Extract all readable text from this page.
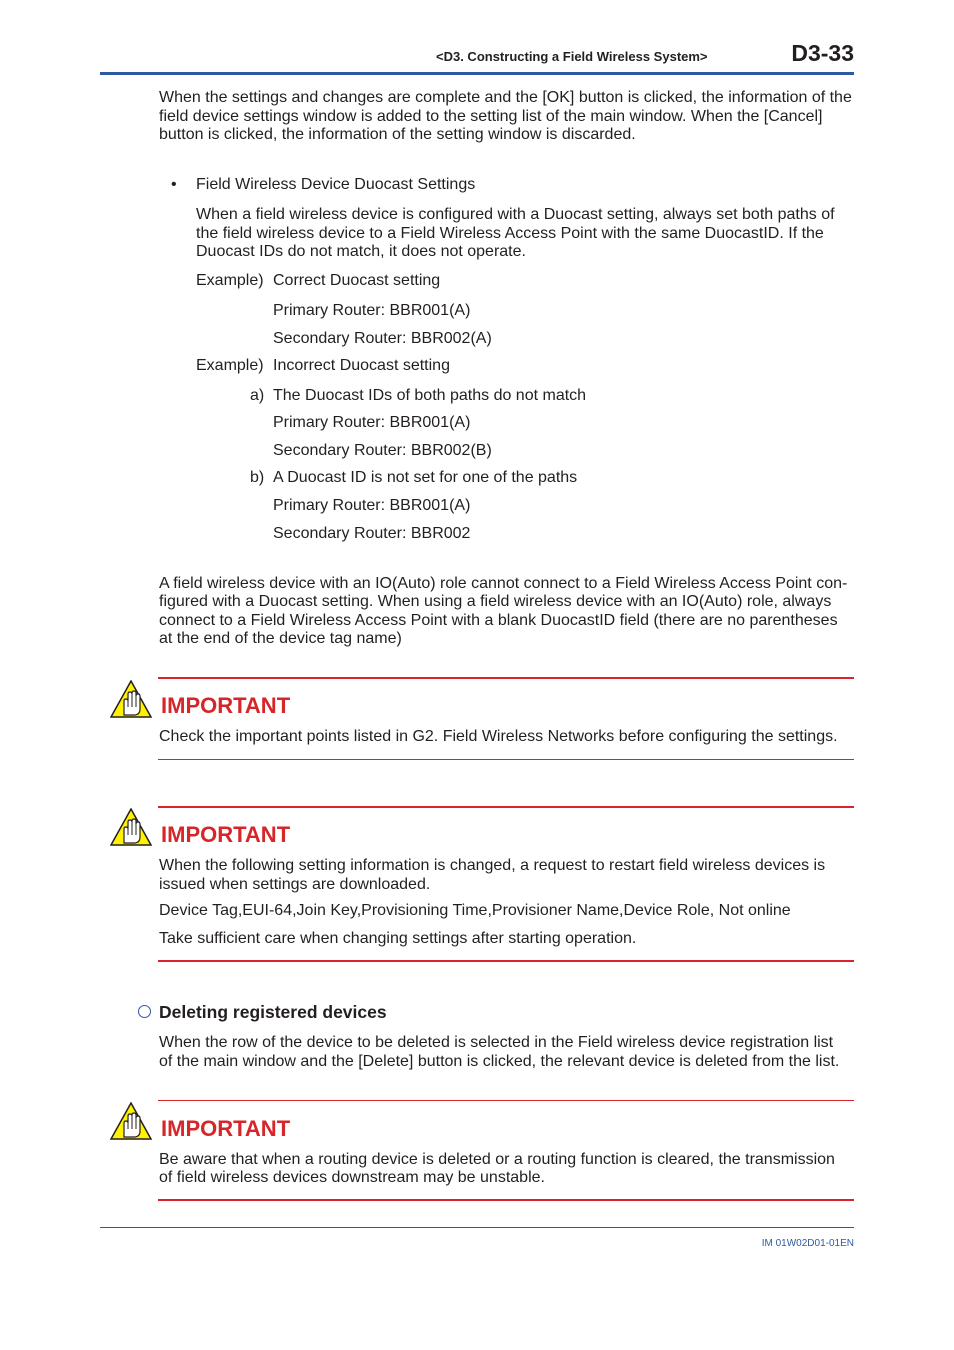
<D3. Constructing a Field Wireless System>	D3-33
When the settings and changes are complete and the [OK] button is clicked, the information of the field device settings window is added to the setting list of the main window. When the [Cancel] button is clicked, the information of the setting window is discarded.
• Field Wireless Device Duocast Settings
When a field wireless device is configured with a Duocast setting, always set both paths of the field wireless device to a Field Wireless Access Point with the same DuocastID. If the Duocast IDs do not match, it does not operate.
Example) Correct Duocast setting
Primary Router: BBR001(A)
Secondary Router: BBR002(A)
Example) Incorrect Duocast setting
a) The Duocast IDs of both paths do not match
Primary Router: BBR001(A)
Secondary Router: BBR002(B)
b) A Duocast ID is not set for one of the paths
Primary Router: BBR001(A)
Secondary Router: BBR002
A field wireless device with an IO(Auto) role cannot connect to a Field Wireless Access Point con-
figured with a Duocast setting. When using a field wireless device with an IO(Auto) role, always
connect to a Field Wireless Access Point with a blank DuocastID field (there are no parentheses
at the end of the device tag name)
IMPORTANT
Check the important points listed in G2. Field Wireless Networks before configuring the settings.
IMPORTANT
When the following setting information is changed, a request to restart field wireless devices is
issued when settings are downloaded.
Device Tag,EUI-64,Join Key,Provisioning Time,Provisioner Name,Device Role, Not online
Take sufficient care when changing settings after starting operation.
Deleting registered devices
When the row of the device to be deleted is selected in the Field wireless device registration list
of the main window and the [Delete] button is clicked, the relevant device is deleted from the list.
IMPORTANT
Be aware that when a routing device is deleted or a routing function is cleared, the transmission
of field wireless devices downstream may be unstable.
IM 01W02D01-01EN
